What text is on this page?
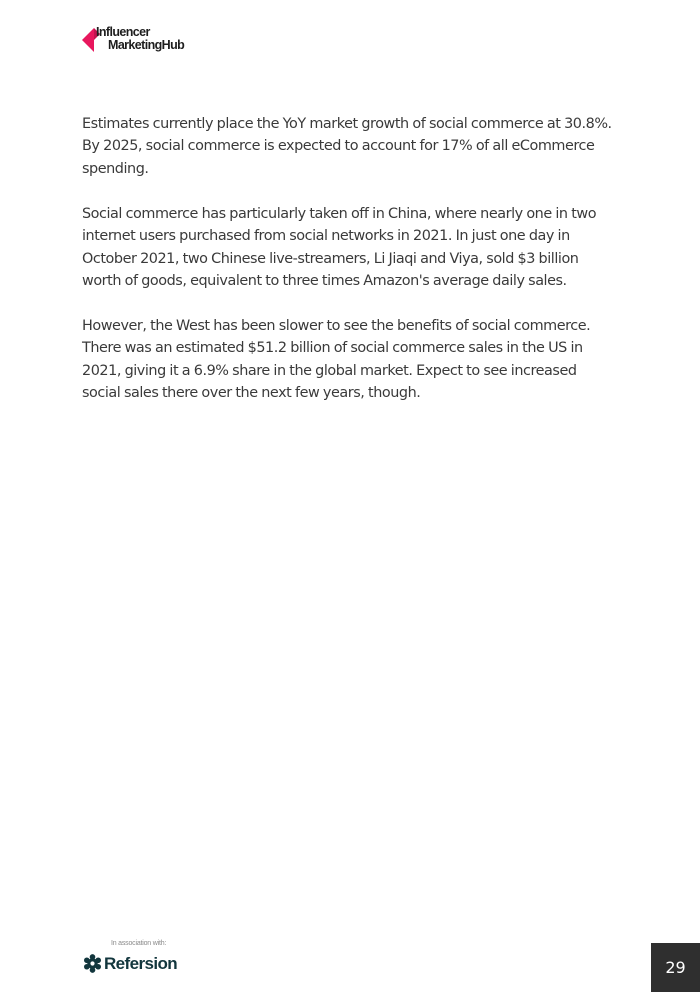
Influencer
MarketingHub

Estimates currently place the YoY market growth of social commerce at 30.8%. By 2025, social commerce is expected to account for 17% of all eCommerce spending.

Social commerce has particularly taken off in China, where nearly one in two internet users purchased from social networks in 2021. In just one day in October 2021, two Chinese live-streamers, Li Jiaqi and Viya, sold $3 billion worth of goods, equivalent to three times Amazon's average daily sales.

However, the West has been slower to see the benefits of social commerce. There was an estimated $51.2 billion of social commerce sales in the US in 2021, giving it a 6.9% share in the global market. Expect to see increased social sales there over the next few years, though.

In association with:
Refersion	29
